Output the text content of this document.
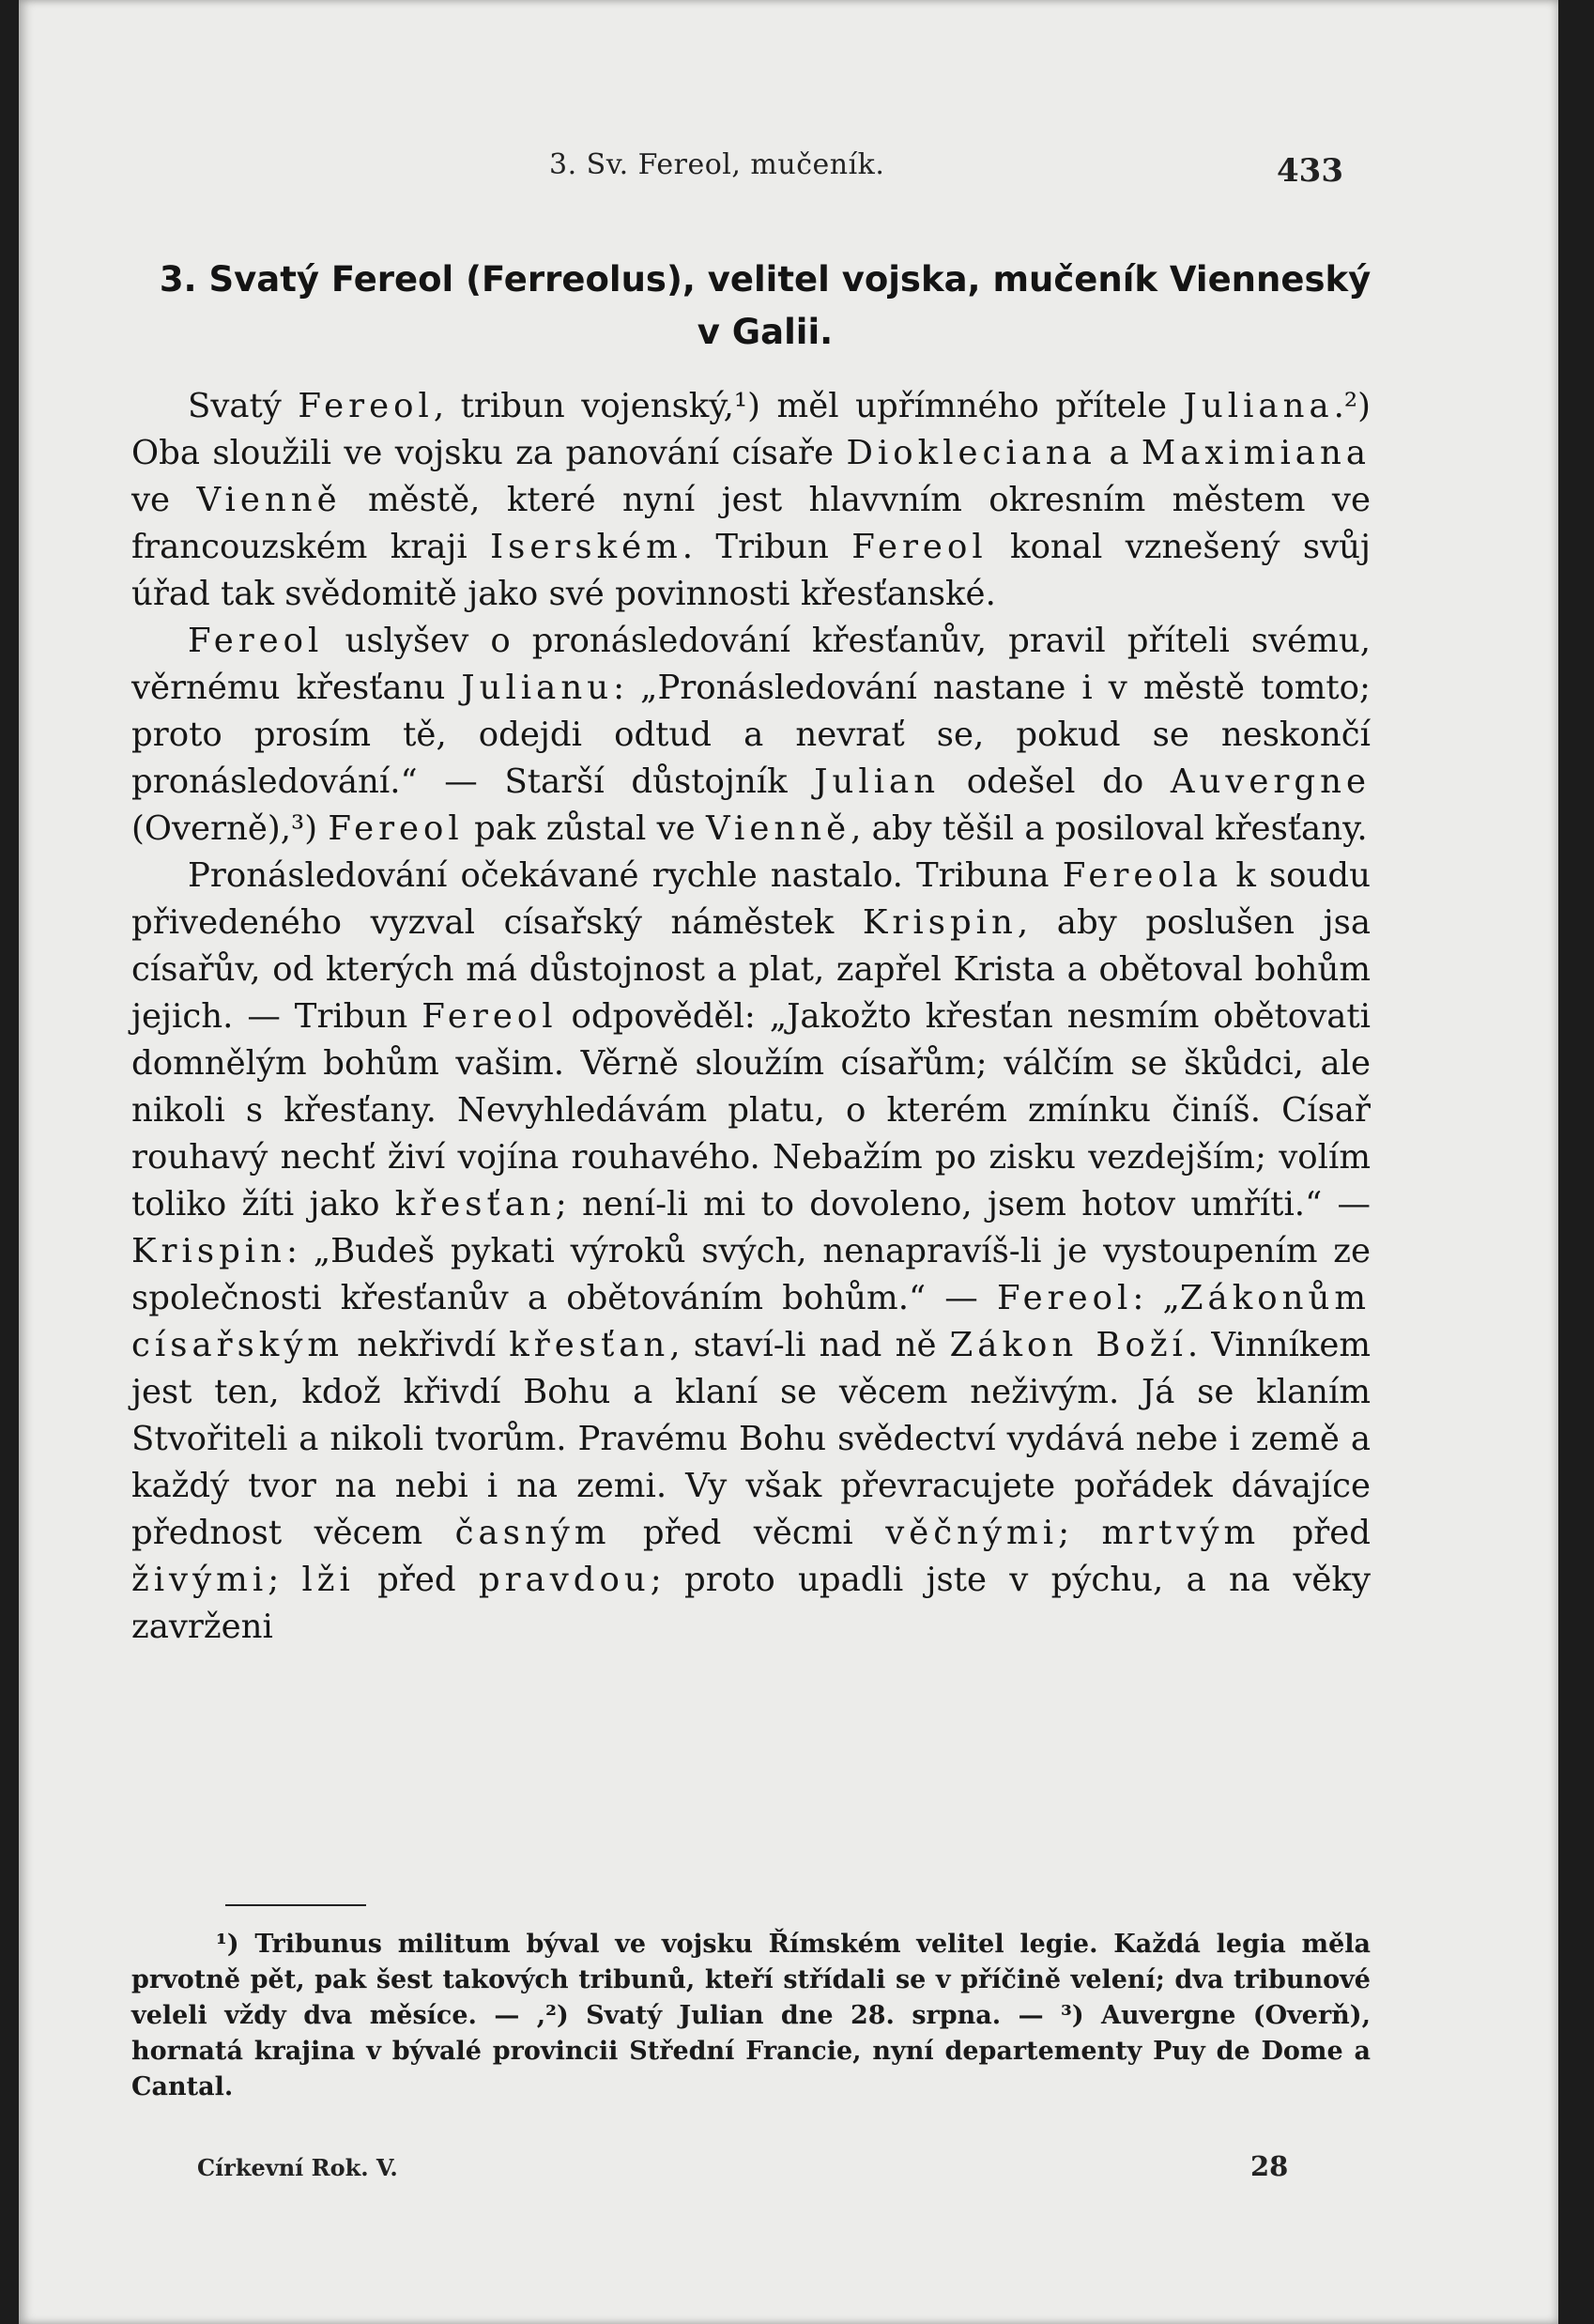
3. Sv. Fereol, mučeník.	433
3. Svatý Fereol (Ferreolus), velitel vojska, mučeník Vienneský
v Galii.

Svatý Fereol, tribun vojenský,¹) měl upřímného přítele Juliana.²) Oba sloužili ve vojsku za panování císaře Diokleciana a Maximiana ve Vienně městě, které nyní jest hlavvním okresním městem ve francouzském kraji Iserském. Tribun Fereol konal vznešený svůj úřad tak svědomitě jako své povinnosti křesťanské.

Fereol uslyšev o pronásledování křesťanův, pravil příteli svému, věrnému křesťanu Julianu: „Pronásledování nastane i v městě tomto; proto prosím tě, odejdi odtud a nevrať se, pokud se neskončí pronásledování.“ — Starší důstojník Julian odešel do Auvergne (Overně),³) Fereol pak zůstal ve Vienně, aby těšil a posiloval křesťany.

Pronásledování očekávané rychle nastalo. Tribuna Fereola k soudu přivedeného vyzval císařský náměstek Krispin, aby poslušen jsa císařův, od kterých má důstojnost a plat, zapřel Krista a obětoval bohům jejich. — Tribun Fereol odpověděl: „Jakožto křesťan nesmím obětovati domnělým bohům vašim. Věrně sloužím císařům; válčím se škůdci, ale nikoli s křesťany. Nevyhledávám platu, o kterém zmínku činíš. Císař rouhavý nechť živí vojína rouhavého. Nebažím po zisku vezdejším; volím toliko žíti jako křesťan; není-li mi to dovoleno, jsem hotov umříti.“ — Krispin: „Budeš pykati výroků svých, nenapravíš-li je vystoupením ze společnosti křesťanův a obětováním bohům.“ — Fereol: „Zákonům císařským nekřivdí křesťan, staví-li nad ně Zákon Boží. Vinníkem jest ten, kdož křivdí Bohu a klaní se věcem neživým. Já se klaním Stvořiteli a nikoli tvorům. Pravému Bohu svědectví vydává nebe i země a každý tvor na nebi i na zemi. Vy však převracujete pořádek dávajíce přednost věcem časným před věcmi věčnými; mrtvým před živými; lži před pravdou; proto upadli jste v pýchu, a na věky zavrženi

¹) Tribunus militum býval ve vojsku Římském velitel legie. Každá legia měla prvotně pět, pak šest takových tribunů, kteří střídali se v příčině velení; dva tribunové veleli vždy dva měsíce. — ,²) Svatý Julian dne 28. srpna. — ³) Auvergne (Overň), hornatá krajina v bývalé provincii Střední Francie, nyní departementy Puy de Dome a Cantal.

Církevní Rok. V.	28
